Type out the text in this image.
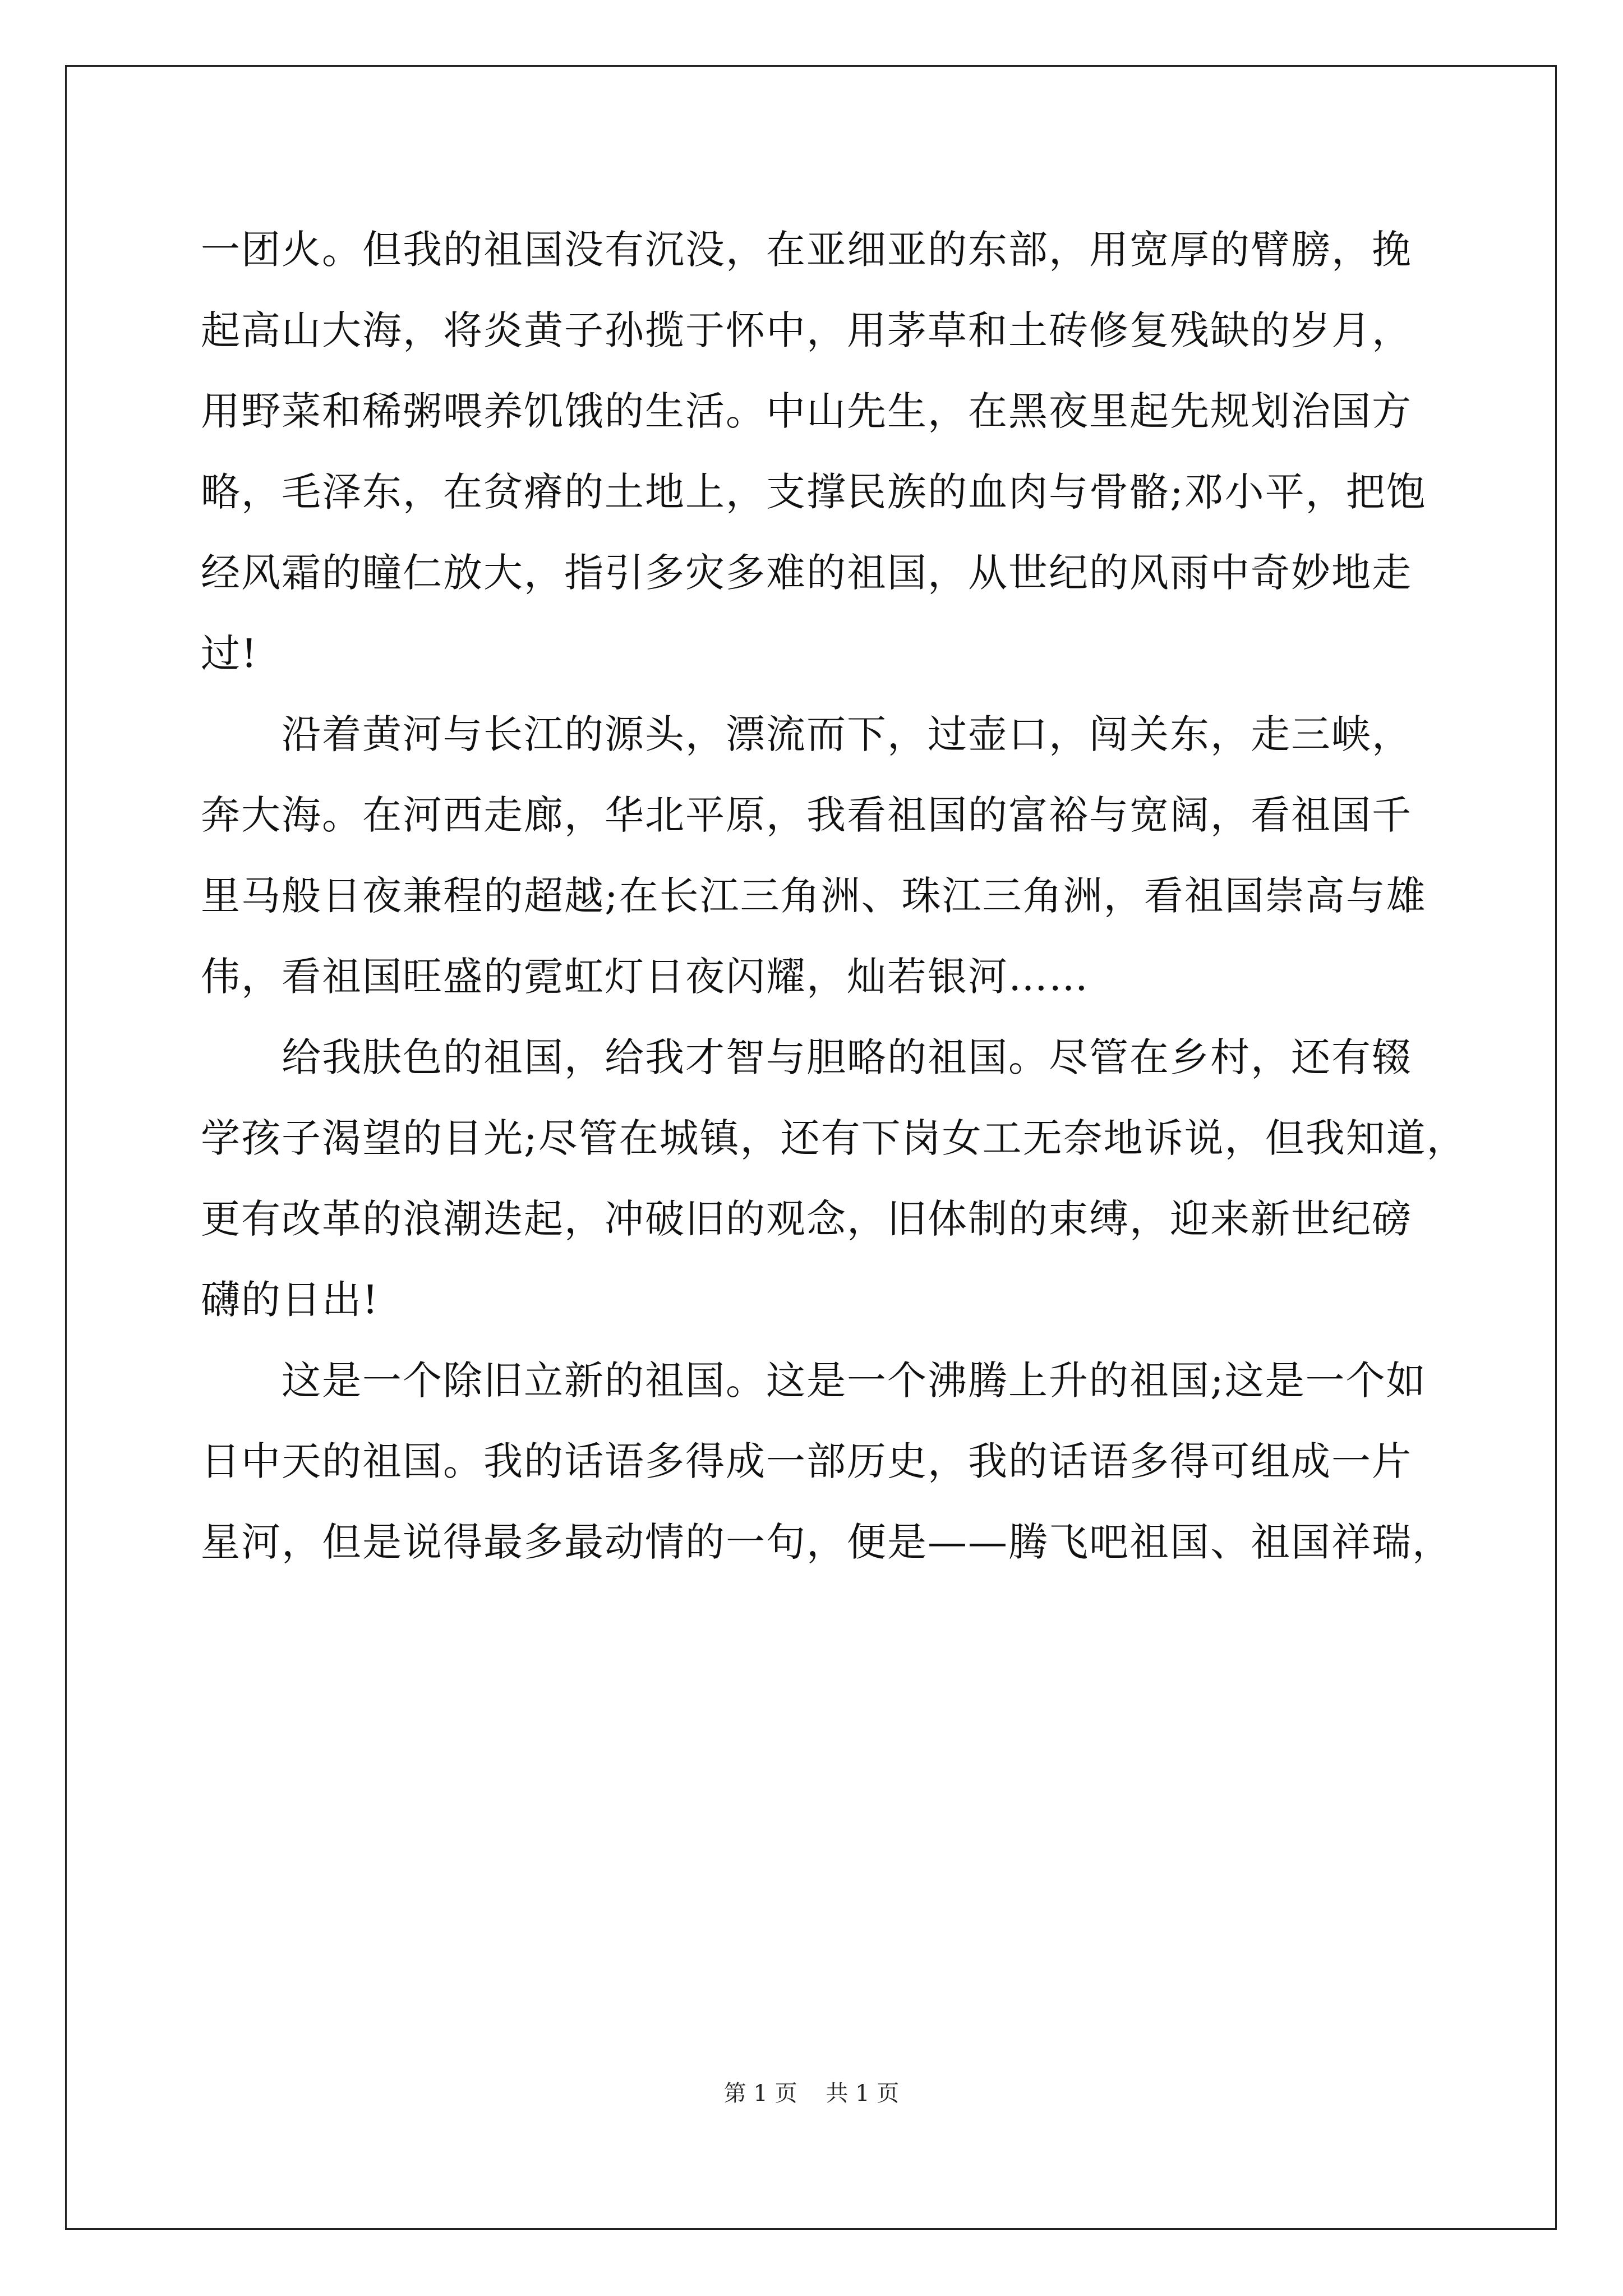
一团火。但我的祖国没有沉没，在亚细亚的东部，用宽厚的臂膀，挽
起高山大海，将炎黄子孙揽于怀中，用茅草和土砖修复残缺的岁月，
用野菜和稀粥喂养饥饿的生活。中山先生，在黑夜里起先规划治国方
略，毛泽东，在贫瘠的土地上，支撑民族的血肉与骨骼;邓小平，把饱
经风霜的瞳仁放大，指引多灾多难的祖国，从世纪的风雨中奇妙地走
过!
　　沿着黄河与长江的源头，漂流而下，过壶口，闯关东，走三峡，
奔大海。在河西走廊，华北平原，我看祖国的富裕与宽阔，看祖国千
里马般日夜兼程的超越;在长江三角洲、珠江三角洲，看祖国崇高与雄
伟，看祖国旺盛的霓虹灯日夜闪耀，灿若银河……
　　给我肤色的祖国，给我才智与胆略的祖国。尽管在乡村，还有辍
学孩子渴望的目光;尽管在城镇，还有下岗女工无奈地诉说，但我知道，
更有改革的浪潮迭起，冲破旧的观念，旧体制的束缚，迎来新世纪磅
礴的日出!
　　这是一个除旧立新的祖国。这是一个沸腾上升的祖国;这是一个如
日中天的祖国。我的话语多得成一部历史，我的话语多得可组成一片
星河，但是说得最多最动情的一句，便是——腾飞吧祖国、祖国祥瑞，
第 1 页    共 1 页
